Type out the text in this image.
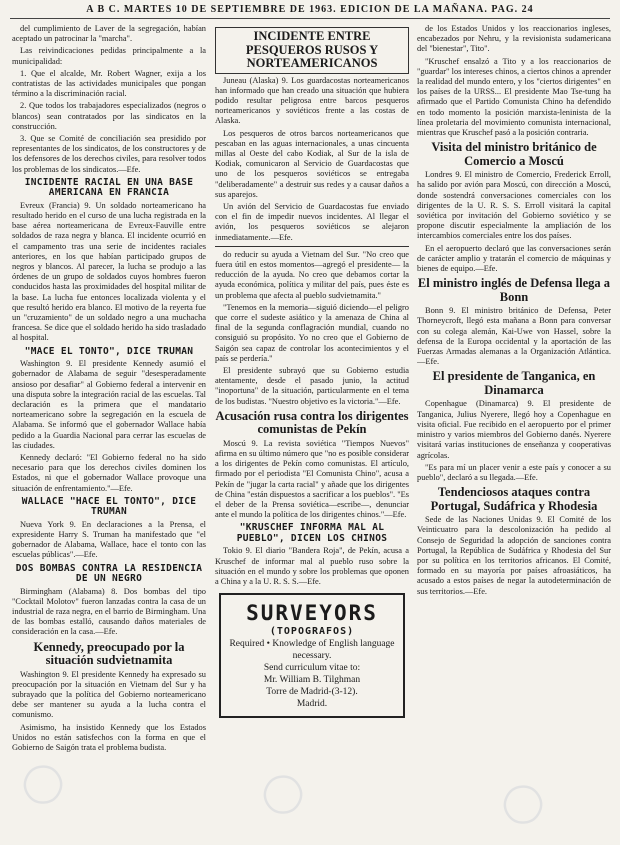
A B C. MARTES 10 DE SEPTIEMBRE DE 1963. EDICION DE LA MAÑANA. PAG. 24

del cumplimiento de Laver de la segregación, habían aceptado un patrocinar la "marcha".

Las reivindicaciones pedidas principalmente a la municipalidad:

1. Que el alcalde, Mr. Robert Wagner, exija a los contratistas de las actividades municipales que pongan término a la discriminación racial.

2. Que todos los trabajadores especializados (negros o blancos) sean contratados por las sindicatos en la construcción.

3. Que se Comité de conciliación sea presidido por representantes de los sindicatos, de los constructores y de los defensores de los derechos civiles, para resolver todos los problemas de los sindicatos.—Efe.

INCIDENTE RACIAL EN UNA BASE AMERICANA EN FRANCIA

Evreux (Francia) 9. Un soldado norteamericano ha resultado herido en el curso de una lucha registrada en la base aérea norteamericana de Evreux-Fauville entre soldados de raza negra y blanca. El incidente ocurrió en el campamento tras una serie de incidentes raciales anteriores, en los que habían participado grupos de negros y blancos. Al parecer, la lucha se produjo a las órdenes de un grupo de soldados cuyos hombres fueron conducidos hasta las proximidades del hospital militar de la base. La lucha fue entonces localizada violenta y el que resultó herido era blanco. El motivo de la reyerta fue un "cruzamiento" de un soldado negro a una muchacha francesa. Se dice que el soldado herido ha sido trasladado al hospital.

"MACE EL TONTO", DICE TRUMAN

Washington 9. El presidente Kennedy asumió el gobernador de Alabama de seguir "desesperadamente ansioso por desafiar" al Gobierno federal a intervenir en una disputa sobre la integración racial de las escuelas. Tal declaración es la primera que el mandatario norteamericano sobre la segregación en la escuela de Alabama. Se informó que el gobernador Wallace había pedido a la Guardia Nacional para cerrar las escuelas de las ciudades.

Kennedy declaró: "El Gobierno federal no ha sido necesario para que los derechos civiles dominen los Estados, ni que el gobernador Wallace provoque una situación de enfrentamiento."—Efe.

WALLACE "HACE EL TONTO", DICE TRUMAN

Nueva York 9. En declaraciones a la Prensa, el expresidente Harry S. Truman ha manifestado que "el gobernador de Alabama, Wallace, hace el tonto con las escuelas públicas".—Efe.

DOS BOMBAS CONTRA LA RESIDENCIA DE UN NEGRO

Birmingham (Alabama) 8. Dos bombas del tipo "Cocktail Molotov" fueron lanzadas contra la casa de un industrial de raza negra, en el barrio de Birmingham. Una de las bombas estalló, causando daños materiales de consideración en la casa.—Efe.

Kennedy, preocupado por la situación sudvietnamita

Washington 9. El presidente Kennedy ha expresado su preocupación por la situación en Vietnam del Sur y ha subrayado que la política del Gobierno norteamericano debe ser mantener su ayuda a la lucha contra el comunismo.

Asimismo, ha insistido Kennedy que los Estados Unidos no están satisfechos con la forma en que el Gobierno de Saigón trata el problema budista.

INCIDENTE ENTRE PESQUEROS RUSOS Y NORTEAMERICANOS

Juneau (Alaska) 9. Los guardacostas norteamericanos han informado que han creado una situación que hubiera podido resultar peligrosa entre barcos pesqueros norteamericanos y soviéticos frente a las costas de Alaska.

Los pesqueros de otros barcos norteamericanos que pescaban en las aguas internacionales, a unas cincuenta millas al Oeste del cabo Kodiak, al Sur de la isla de Kodiak, comunicaron al Servicio de Guardacostas que uno de los pesqueros soviéticos se entregaba "deliberadamente" a destruir sus redes y a causar daños a sus aparejos.

Un avión del Servicio de Guardacostas fue enviado con el fin de impedir nuevos incidentes. Al llegar el avión, los pesqueros soviéticos se alejaron inmediatamente.—Efe.

do reducir su ayuda a Vietnam del Sur. "No creo que fuera útil en estos momentos—agregó el presidente— la reducción de la ayuda. No creo que debamos cortar la ayuda económica, política y militar del país, pues éste es un problema que afecta al pueblo sudvietnamita."

"Tenemos en la memoria—siguió diciendo—el peligro que corre el sudeste asiático y la amenaza de China al final de la segunda conflagración mundial, cuando no consiguió su propósito. Yo no creo que el Gobierno de Saigón sea capaz de controlar los acontecimientos y el país se perdería."

El presidente subrayó que su Gobierno estudia atentamente, desde el pasado junio, la actitud "inoportuna" de la situación, particularmente en el tema de los budistas. "Nuestro objetivo es la victoria."—Efe.

Acusación rusa contra los dirigentes comunistas de Pekín

Moscú 9. La revista soviética "Tiempos Nuevos" afirma en su último número que "no es posible considerar a los dirigentes de Pekín como comunistas. El artículo, firmado por el periodista "El Comunista Chino", acusa a Pekín de "jugar la carta racial" y añade que los dirigentes de China "están dispuestos a sacrificar a los pueblos". "Es el deber de la Prensa soviética—escribe—, denunciar ante el mundo la política de los dirigentes chinos."—Efe.

"KRUSCHEF INFORMA MAL AL PUEBLO", DICEN LOS CHINOS

Tokio 9. El diario "Bandera Roja", de Pekín, acusa a Kruschef de informar mal al pueblo ruso sobre la situación en el mundo y sobre los problemas que oponen a China y a la U. R. S. S.—Efe.

SURVEYORS
(TOPOGRAFOS)
Required • Knowledge of English language necessary.
Send curriculum vitae to:
Mr. William B. Tilghman
Torre de Madrid-(3-12).
Madrid.

de los Estados Unidos y los reaccionarios ingleses, encabezados por Nehru, y la revisionista sudamericana del "bienestar", Tito".

"Kruschef ensalzó a Tito y a los reaccionarios de "guardar" los intereses chinos, a ciertos chinos a aprender la realidad del mundo entero, y los "ciertos dirigentes" en los países de la URSS... El presidente Mao Tse-tung ha afirmado que el Partido Comunista Chino ha defendido en todo momento la posición marxista-leninista de la línea proletaria del movimiento comunista internacional, mientras que Kruschef pasó a la posición contraria.

Visita del ministro británico de Comercio a Moscú

Londres 9. El ministro de Comercio, Frederick Erroll, ha salido por avión para Moscú, con dirección a Moscú, donde sostendrá conversaciones comerciales con los dirigentes de la U. R. S. S. Erroll visitará la capital soviética por invitación del Gobierno soviético y se propone discutir especialmente la ampliación de los intercambios comerciales entre los dos países.

En el aeropuerto declaró que las conversaciones serán de carácter amplio y tratarán el comercio de máquinas y bienes de equipo.—Efe.

El ministro inglés de Defensa llega a Bonn

Bonn 9. El ministro británico de Defensa, Peter Thorneycroft, llegó esta mañana a Bonn para conversar con su colega alemán, Kai-Uwe von Hassel, sobre la defensa de la Europa occidental y la aportación de las Fuerzas Armadas alemanas a la Organización Atlántica.—Efe.

El presidente de Tanganica, en Dinamarca

Copenhague (Dinamarca) 9. El presidente de Tanganica, Julius Nyerere, llegó hoy a Copenhague en visita oficial. Fue recibido en el aeropuerto por el primer ministro y varios miembros del Gobierno danés. Nyerere visitará varias instituciones de enseñanza y cooperativas agrícolas.

"Es para mí un placer venir a este país y conocer a su pueblo", declaró a su llegada.—Efe.

Tendenciosos ataques contra Portugal, Sudáfrica y Rhodesia

Sede de las Naciones Unidas 9. El Comité de los Veinticuatro para la descolonización ha pedido al Consejo de Seguridad la adopción de sanciones contra Portugal, la República de Sudáfrica y Rhodesia del Sur por su política en los territorios africanos. El Comité, formado en su mayoría por países afroasiáticos, ha acusado a estos países de negar la autodeterminación de sus territorios.—Efe.

◯	◯	◯
